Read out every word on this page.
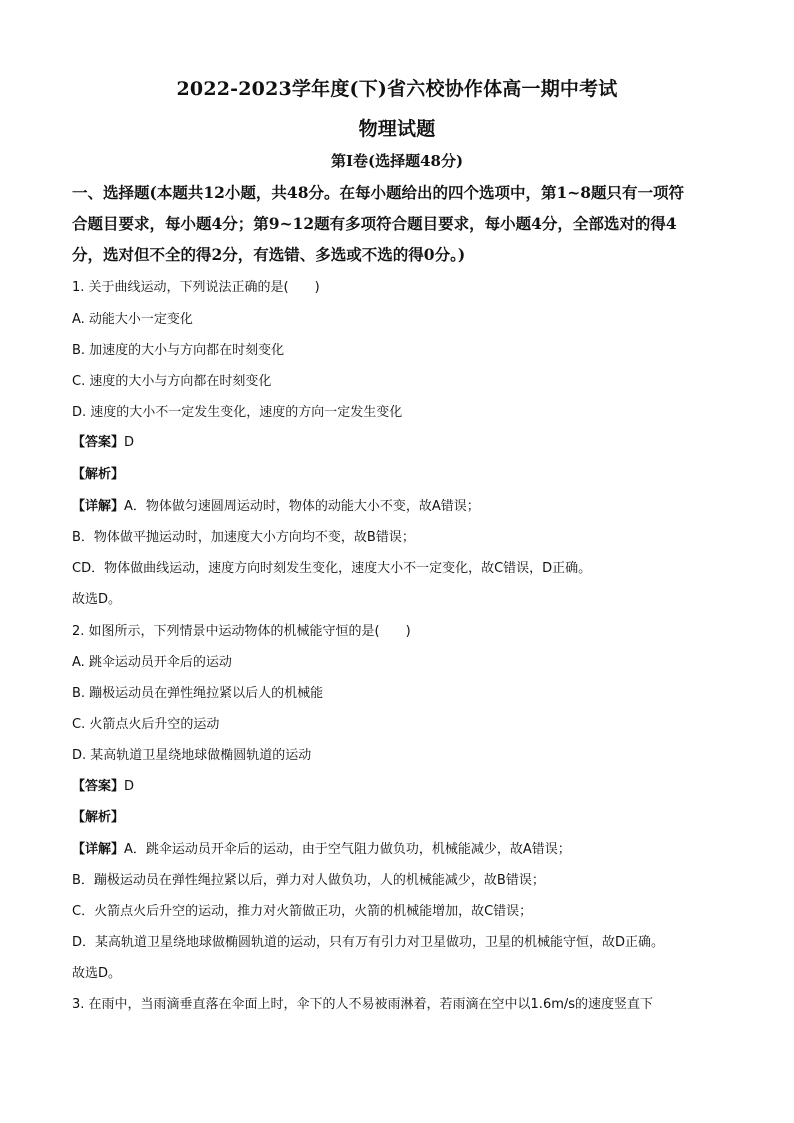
2022-2023学年度(下)省六校协作体高一期中考试
物理试题
第Ⅰ卷(选择题48分)
一、选择题(本题共12小题，共48分。在每小题给出的四个选项中，第1~8题只有一项符
合题目要求，每小题4分；第9~12题有多项符合题目要求，每小题4分，全部选对的得4
分，选对但不全的得2分，有选错、多选或不选的得0分。)
1. 关于曲线运动，下列说法正确的是(　　)
A. 动能大小一定变化
B. 加速度的大小与方向都在时刻变化
C. 速度的大小与方向都在时刻变化
D. 速度的大小不一定发生变化，速度的方向一定发生变化
【答案】D
【解析】
【详解】A．物体做匀速圆周运动时，物体的动能大小不变，故A错误；
B．物体做平抛运动时，加速度大小方向均不变，故B错误；
CD．物体做曲线运动，速度方向时刻发生变化，速度大小不一定变化，故C错误，D正确。
故选D。
2. 如图所示，下列情景中运动物体的机械能守恒的是(　　)
A. 跳伞运动员开伞后的运动
B. 蹦极运动员在弹性绳拉紧以后人的机械能
C. 火箭点火后升空的运动
D. 某高轨道卫星绕地球做椭圆轨道的运动
【答案】D
【解析】
【详解】A．跳伞运动员开伞后的运动，由于空气阻力做负功，机械能减少，故A错误；
B．蹦极运动员在弹性绳拉紧以后，弹力对人做负功，人的机械能减少，故B错误；
C．火箭点火后升空的运动，推力对火箭做正功，火箭的机械能增加，故C错误；
D．某高轨道卫星绕地球做椭圆轨道的运动，只有万有引力对卫星做功，卫星的机械能守恒，故D正确。
故选D。
3. 在雨中，当雨滴垂直落在伞面上时，伞下的人不易被雨淋着，若雨滴在空中以1.6m/s的速度竖直下
